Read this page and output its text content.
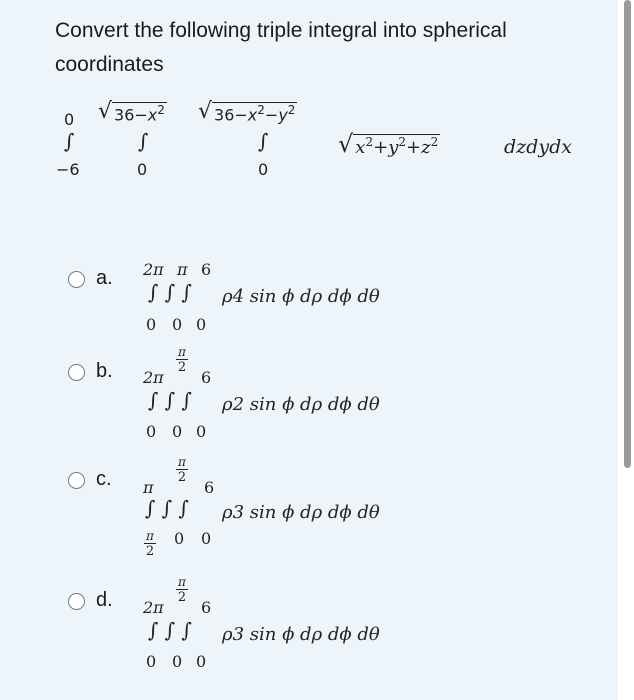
Convert the following triple integral into spherical coordinates
0
∫
−6
√ $36-x^2$
∫
0
√ $36-x^2-y^2$
∫
0
√ $x^2+y^2+z^2$	dzdydx
a. 2π π 6
∫ ∫ ∫ ρ4 sin ϕ dρ dϕ dθ
0 0 0
b. 2π
π
2
6
∫ ∫ ∫ ρ2 sin ϕ dρ dϕ dθ
0 0 0
c. π
π
2
6
∫ ∫ ∫ ρ3 sin ϕ dρ dϕ dθ
π
2
0 0
d. 2π
π
2
6
∫ ∫ ∫ ρ3 sin ϕ dρ dϕ dθ
0 0 0
